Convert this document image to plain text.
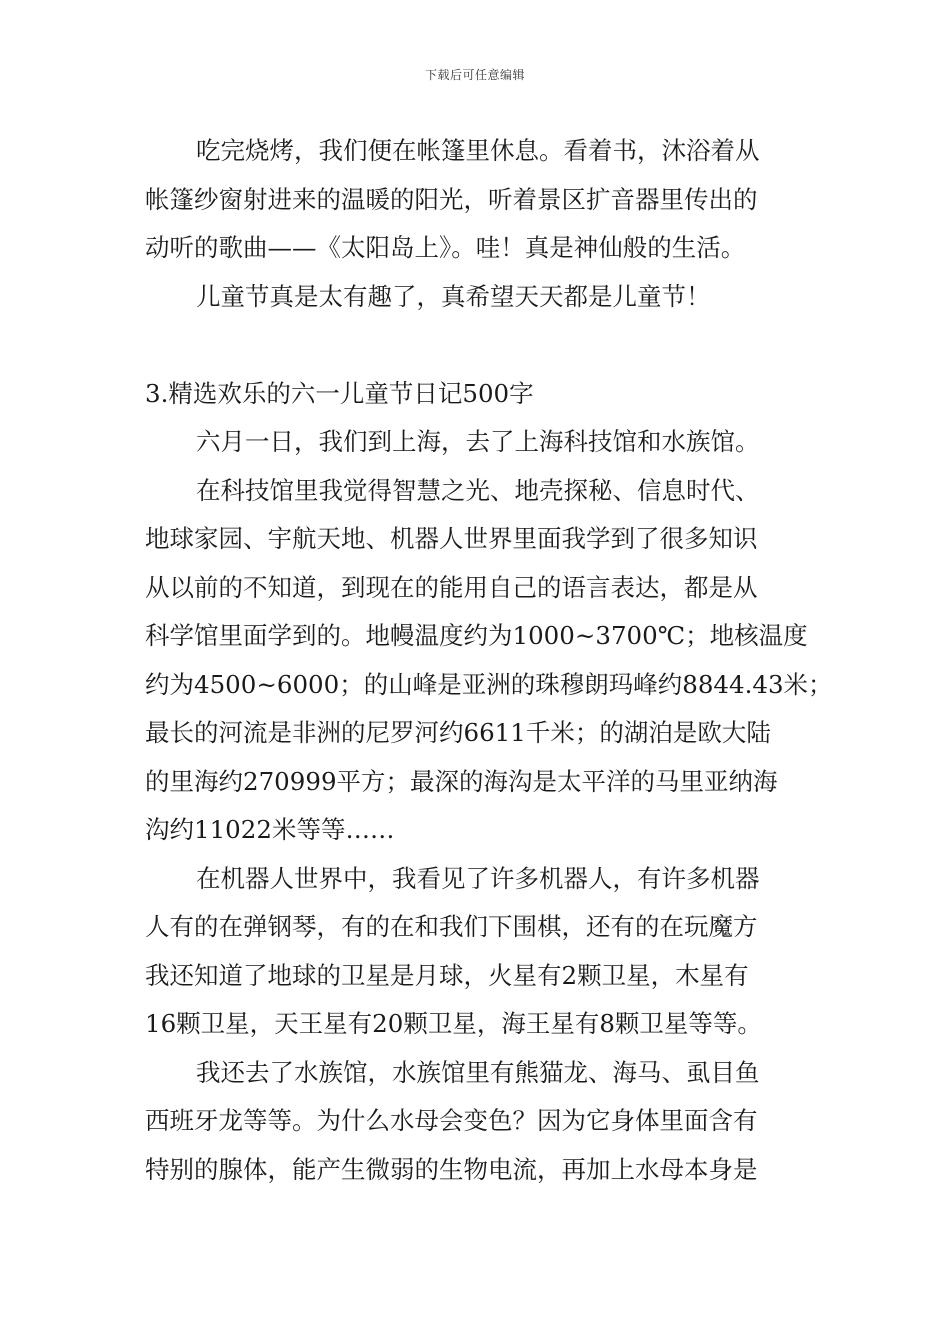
下载后可任意编辑
吃完烧烤，我们便在帐篷里休息。看着书，沐浴着从
帐篷纱窗射进来的温暖的阳光，听着景区扩音器里传出的
动听的歌曲——《太阳岛上》。哇！真是神仙般的生活。
儿童节真是太有趣了，真希望天天都是儿童节！
3.精选欢乐的六一儿童节日记500字
六月一日，我们到上海，去了上海科技馆和水族馆。
在科技馆里我觉得智慧之光、地壳探秘、信息时代、
地球家园、宇航天地、机器人世界里面我学到了很多知识
从以前的不知道，到现在的能用自己的语言表达，都是从
科学馆里面学到的。地幔温度约为1000~3700℃；地核温度
约为4500~6000；的山峰是亚洲的珠穆朗玛峰约8844.43米；
最长的河流是非洲的尼罗河约6611千米；的湖泊是欧大陆
的里海约270999平方；最深的海沟是太平洋的马里亚纳海
沟约11022米等等……
在机器人世界中，我看见了许多机器人，有许多机器
人有的在弹钢琴，有的在和我们下围棋，还有的在玩魔方
我还知道了地球的卫星是月球，火星有2颗卫星，木星有
16颗卫星，天王星有20颗卫星，海王星有8颗卫星等等。
我还去了水族馆，水族馆里有熊猫龙、海马、虱目鱼
西班牙龙等等。为什么水母会变色？因为它身体里面含有
特别的腺体，能产生微弱的生物电流，再加上水母本身是
